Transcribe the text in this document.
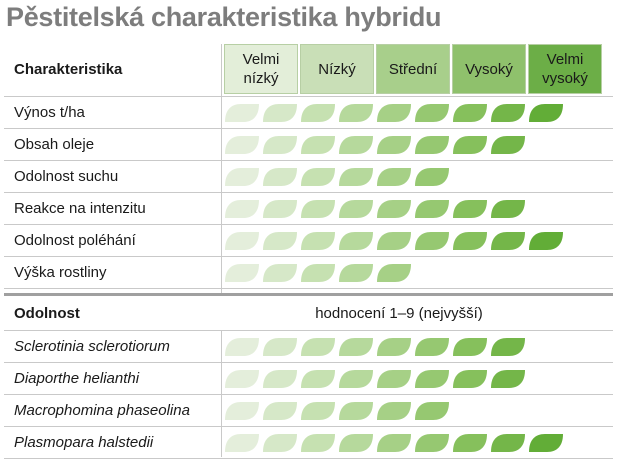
Pěstitelská charakteristika hybridu
Charakteristika
Velmi nízký
Nízký Střední Vysoký
Velmi vysoký
Výnos t/ha
Obsah oleje
Odolnost suchu
Reakce na intenzitu
Odolnost poléhání
Výška rostliny
Odolnost	hodnocení 1–9 (nejvyšší)
Sclerotinia sclerotiorum
Diaporthe helianthi
Macrophomina phaseolina
Plasmopara halstedii
